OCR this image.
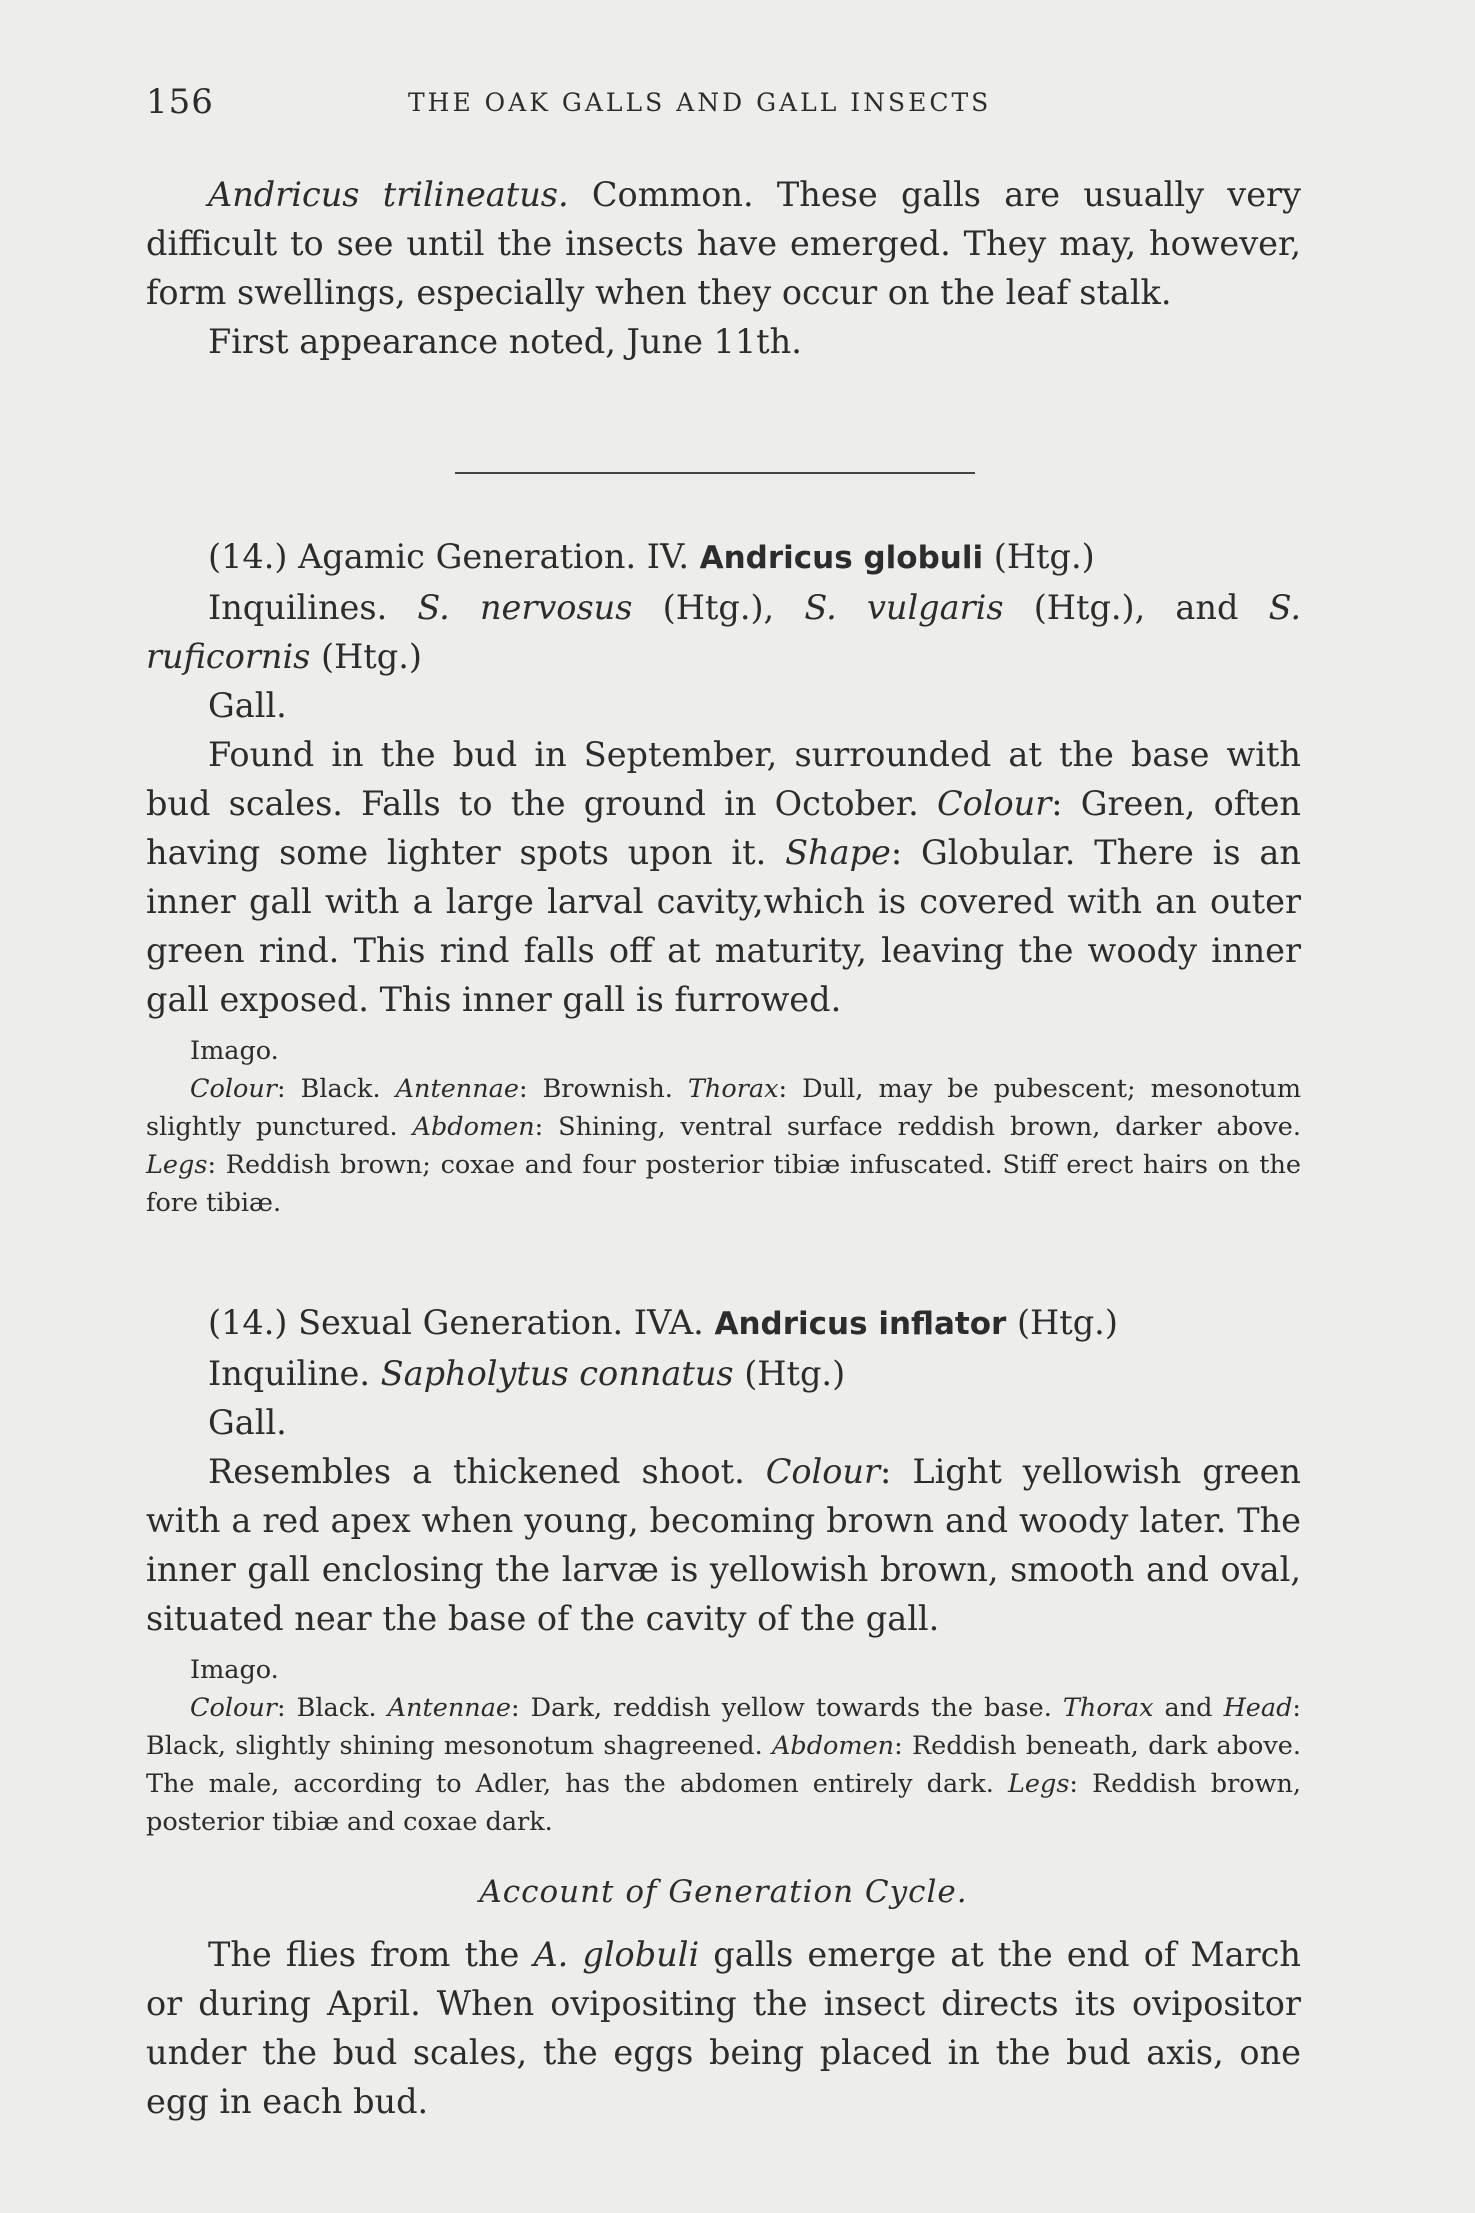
156	THE OAK GALLS AND GALL INSECTS

Andricus trilineatus. Common. These galls are usually very difficult to see until the insects have emerged. They may, however, form swellings, especially when they occur on the leaf stalk.

First appearance noted, June 11th.

(14.) Agamic Generation. IV. Andricus globuli (Htg.)

Inquilines. S. nervosus (Htg.), S. vulgaris (Htg.), and S. ruficornis (Htg.)

Gall.

Found in the bud in September, surrounded at the base with bud scales. Falls to the ground in October. Colour: Green, often having some lighter spots upon it. Shape: Globular. There is an inner gall with a large larval cavity,which is covered with an outer green rind. This rind falls off at maturity, leaving the woody inner gall exposed. This inner gall is furrowed.

Imago.

Colour: Black. Antennae: Brownish. Thorax: Dull, may be pubescent; mesonotum slightly punctured. Abdomen: Shining, ventral surface reddish brown, darker above. Legs: Reddish brown; coxae and four posterior tibiæ infuscated. Stiff erect hairs on the fore tibiæ.

(14.) Sexual Generation. IVA. Andricus inflator (Htg.)

Inquiline. Sapholytus connatus (Htg.)

Gall.

Resembles a thickened shoot. Colour: Light yellowish green with a red apex when young, becoming brown and woody later. The inner gall enclosing the larvæ is yellowish brown, smooth and oval, situated near the base of the cavity of the gall.

Imago.

Colour: Black. Antennae: Dark, reddish yellow towards the base. Thorax and Head: Black, slightly shining mesonotum shagreened. Abdomen: Reddish beneath, dark above. The male, according to Adler, has the abdomen entirely dark. Legs: Reddish brown, posterior tibiæ and coxae dark.

Account of Generation Cycle.

The flies from the A. globuli galls emerge at the end of March or during April. When ovipositing the insect directs its ovipositor under the bud scales, the eggs being placed in the bud axis, one egg in each bud.
